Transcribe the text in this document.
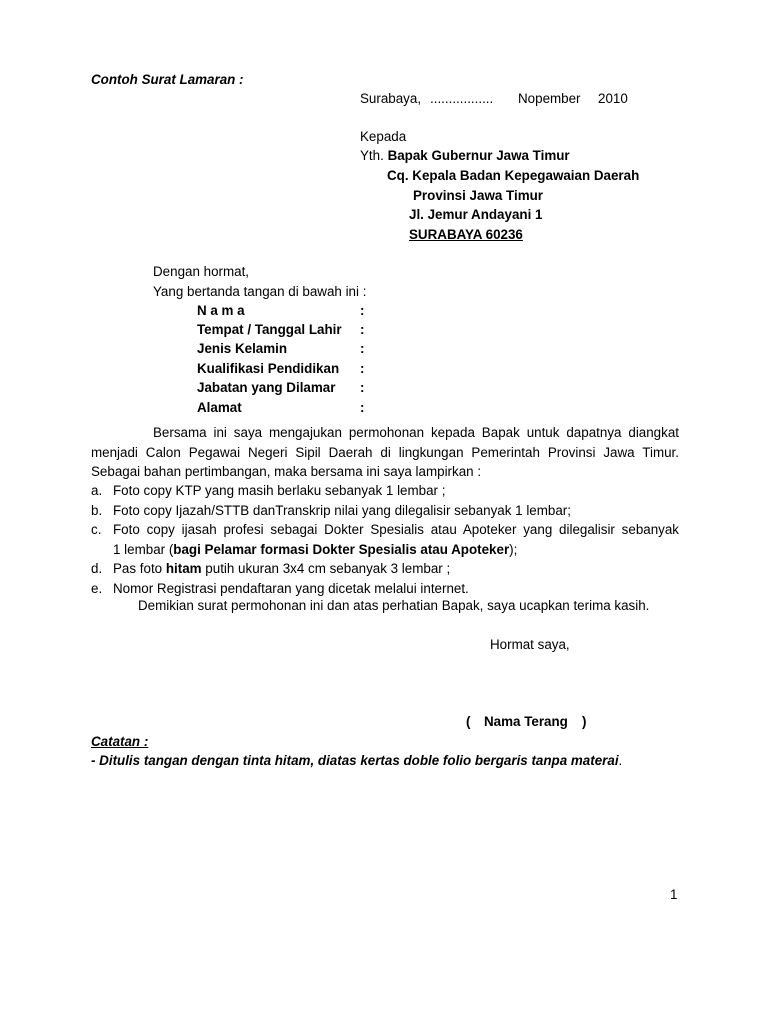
Contoh Surat Lamaran :
Surabaya, ................. Nopember 2010
Kepada
Yth. Bapak Gubernur Jawa Timur
Cq. Kepala Badan Kepegawaian Daerah
Provinsi Jawa Timur
Jl. Jemur Andayani 1
SURABAYA 60236
Dengan hormat,
Yang bertanda tangan di bawah ini :
N a m a	:
Tempat / Tanggal Lahir :
Jenis Kelamin	:
Kualifikasi Pendidikan :
Jabatan yang Dilamar :
Alamat	:
Bersama ini saya mengajukan permohonan kepada Bapak untuk dapatnya diangkat
menjadi Calon Pegawai Negeri Sipil Daerah di lingkungan Pemerintah Provinsi Jawa Timur.
Sebagai bahan pertimbangan, maka bersama ini saya lampirkan :
a. Foto copy KTP yang masih berlaku sebanyak 1 lembar ;
b. Foto copy Ijazah/STTB danTranskrip nilai yang dilegalisir sebanyak 1 lembar;
c. Foto copy ijasah profesi sebagai Dokter Spesialis atau Apoteker yang dilegalisir sebanyak
1 lembar (bagi Pelamar formasi Dokter Spesialis atau Apoteker);
d. Pas foto hitam putih ukuran 3x4 cm sebanyak 3 lembar ;
e. Nomor Registrasi pendaftaran yang dicetak melalui internet.
Demikian surat permohonan ini dan atas perhatian Bapak, saya ucapkan terima kasih.
Hormat saya,
( Nama Terang )
Catatan :
- Ditulis tangan dengan tinta hitam, diatas kertas doble folio bergaris tanpa materai.
1
